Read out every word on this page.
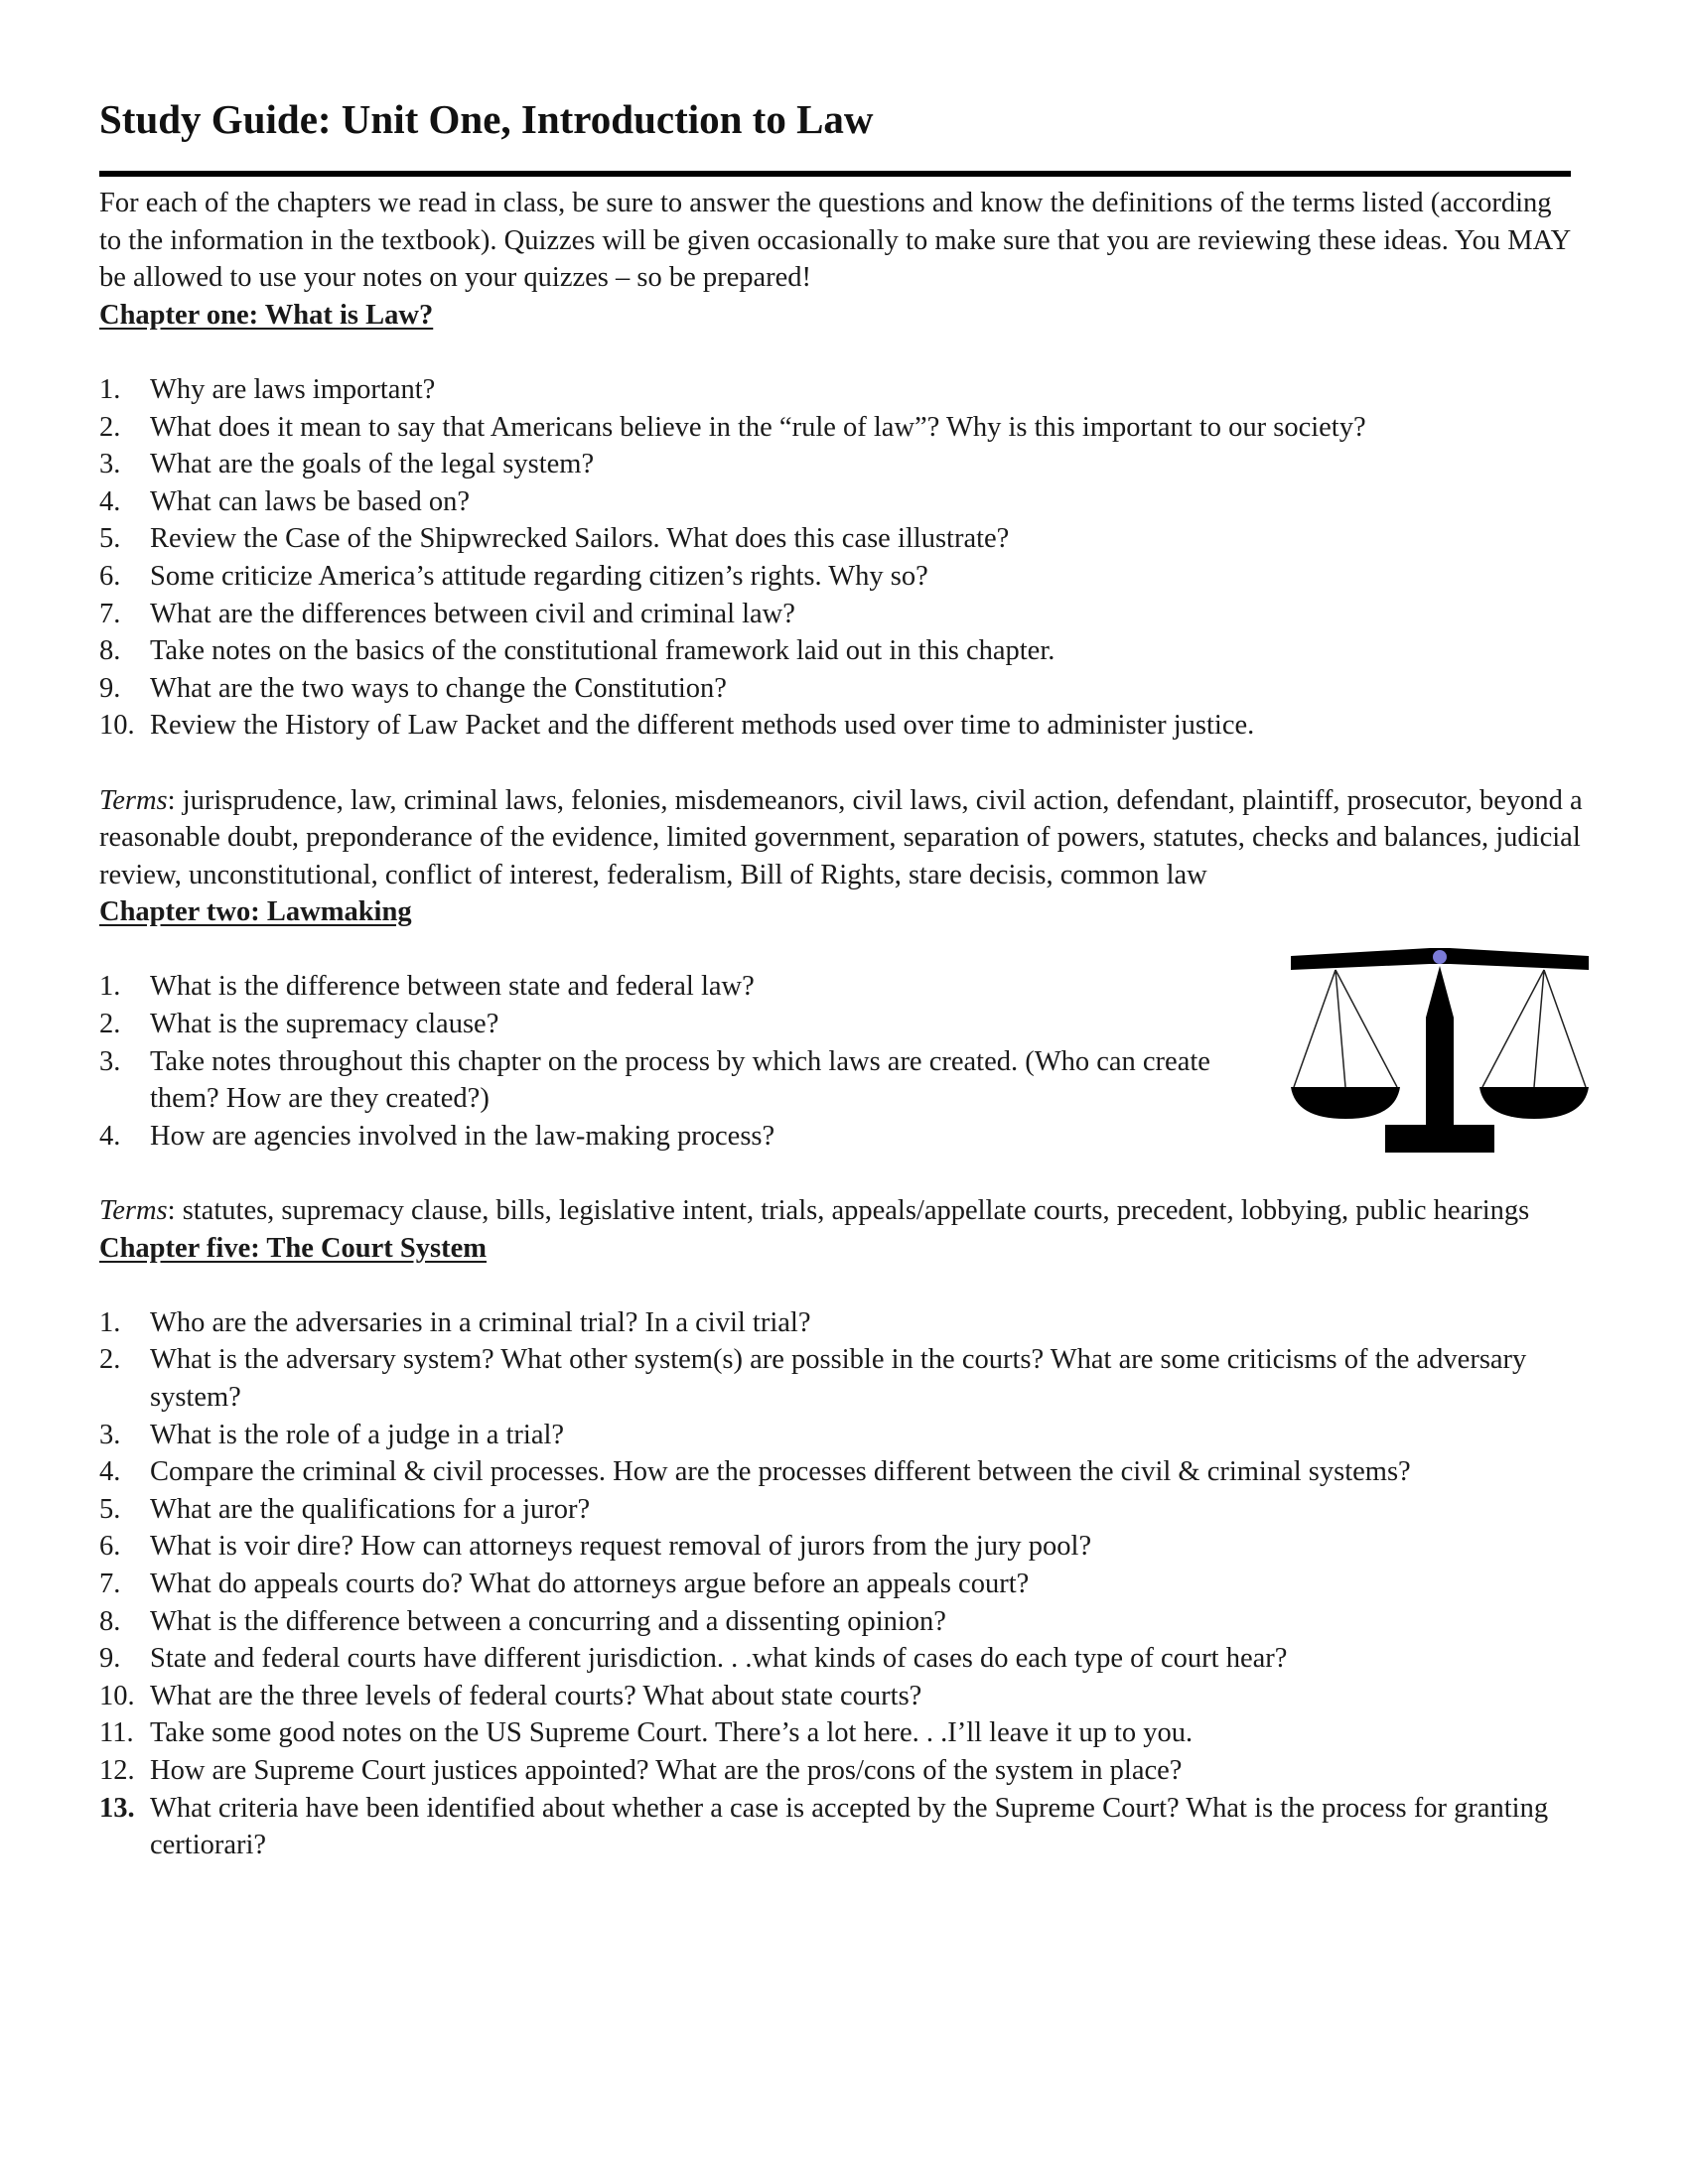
Study Guide: Unit One, Introduction to Law

For each of the chapters we read in class, be sure to answer the questions and know the definitions of the terms listed (according to the information in the textbook). Quizzes will be given occasionally to make sure that you are reviewing these ideas. You MAY be allowed to use your notes on your quizzes – so be prepared!

Chapter one: What is Law?

1. Why are laws important?
2. What does it mean to say that Americans believe in the “rule of law”? Why is this important to our society?
3. What are the goals of the legal system?
4. What can laws be based on?
5. Review the Case of the Shipwrecked Sailors. What does this case illustrate?
6. Some criticize America’s attitude regarding citizen’s rights. Why so?
7. What are the differences between civil and criminal law?
8. Take notes on the basics of the constitutional framework laid out in this chapter.
9. What are the two ways to change the Constitution?
10. Review the History of Law Packet and the different methods used over time to administer justice.

Terms: jurisprudence, law, criminal laws, felonies, misdemeanors, civil laws, civil action, defendant, plaintiff, prosecutor, beyond a reasonable doubt, preponderance of the evidence, limited government, separation of powers, statutes, checks and balances, judicial review, unconstitutional, conflict of interest, federalism, Bill of Rights, stare decisis, common law

Chapter two: Lawmaking

1. What is the difference between state and federal law?
2. What is the supremacy clause?
3. Take notes throughout this chapter on the process by which laws are created. (Who can create them? How are they created?)
4. How are agencies involved in the law-making process?

Terms: statutes, supremacy clause, bills, legislative intent, trials, appeals/appellate courts, precedent, lobbying, public hearings

Chapter five: The Court System

1. Who are the adversaries in a criminal trial? In a civil trial?
2. What is the adversary system? What other system(s) are possible in the courts? What are some criticisms of the adversary system?
3. What is the role of a judge in a trial?
4. Compare the criminal & civil processes. How are the processes different between the civil & criminal systems?
5. What are the qualifications for a juror?
6. What is voir dire? How can attorneys request removal of jurors from the jury pool?
7. What do appeals courts do? What do attorneys argue before an appeals court?
8. What is the difference between a concurring and a dissenting opinion?
9. State and federal courts have different jurisdiction. . .what kinds of cases do each type of court hear?
10. What are the three levels of federal courts? What about state courts?
11. Take some good notes on the US Supreme Court. There’s a lot here. . .I’ll leave it up to you.
12. How are Supreme Court justices appointed? What are the pros/cons of the system in place?
13. What criteria have been identified about whether a case is accepted by the Supreme Court? What is the process for granting certiorari?
